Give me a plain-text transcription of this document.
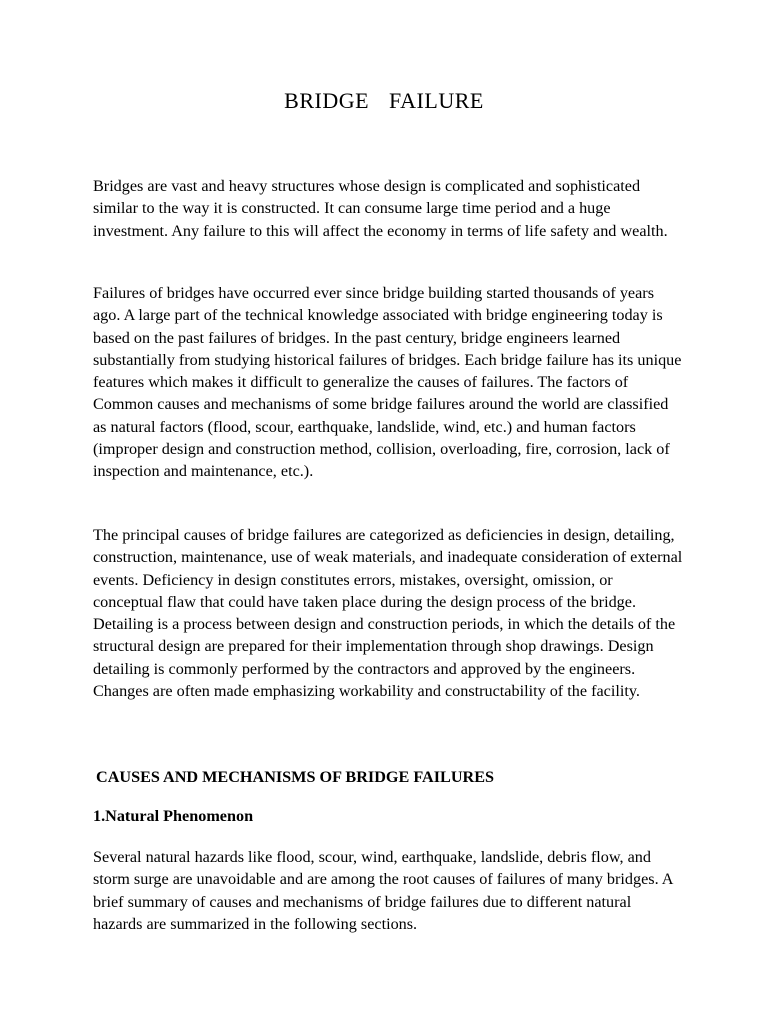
BRIDGE  FAILURE

Bridges are vast and heavy structures whose design is complicated and sophisticated similar to the way it is constructed. It can consume large time period and a huge investment. Any failure to this will affect the economy in terms of life safety and wealth.

Failures of bridges have occurred ever since bridge building started thousands of years ago. A large part of the technical knowledge associated with bridge engineering today is based on the past failures of bridges. In the past century, bridge engineers learned substantially from studying historical failures of bridges. Each bridge failure has its unique features which makes it difficult to generalize the causes of failures. The factors of Common causes and mechanisms of some bridge failures around the world are classified as natural factors (flood, scour, earthquake, landslide, wind, etc.) and human factors (improper design and construction method, collision, overloading, fire, corrosion, lack of inspection and maintenance, etc.).

The principal causes of bridge failures are categorized as deficiencies in design, detailing, construction, maintenance, use of weak materials, and inadequate consideration of external events. Deficiency in design constitutes errors, mistakes, oversight, omission, or conceptual flaw that could have taken place during the design process of the bridge. Detailing is a process between design and construction periods, in which the details of the structural design are prepared for their implementation through shop drawings. Design detailing is commonly performed by the contractors and approved by the engineers. Changes are often made emphasizing workability and constructability of the facility.

CAUSES AND MECHANISMS OF BRIDGE FAILURES
1.Natural Phenomenon

Several natural hazards like flood, scour, wind, earthquake, landslide, debris flow, and storm surge are unavoidable and are among the root causes of failures of many bridges. A brief summary of causes and mechanisms of bridge failures due to different natural hazards are summarized in the following sections.
